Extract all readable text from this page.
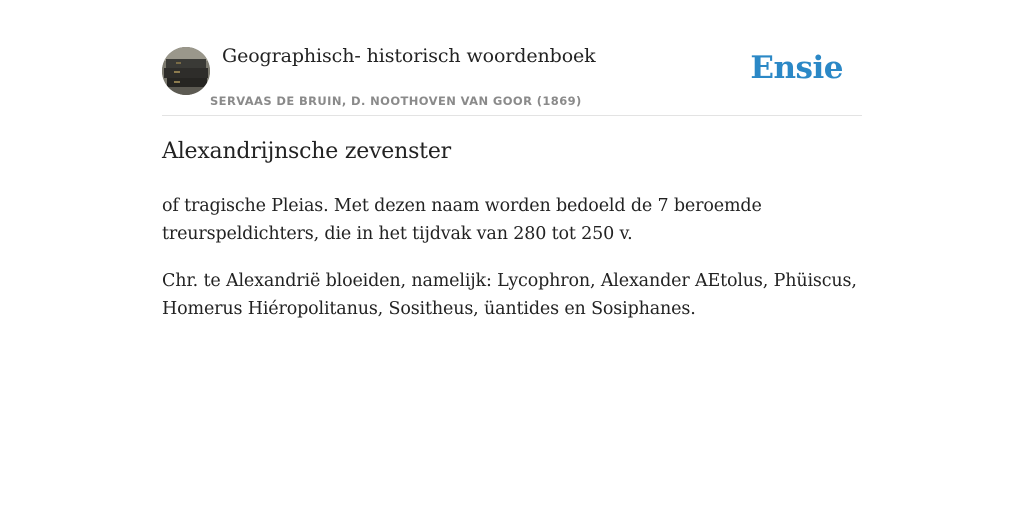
Geographisch- historisch woordenboek
SERVAAS DE BRUIN, D. NOOTHOVEN VAN GOOR (1869)
Ensie
Alexandrijnsche zevenster

of tragische Pleias. Met dezen naam worden bedoeld de 7 beroemde treurspeldichters, die in het tijdvak van 280 tot 250 v.

Chr. te Alexandrië bloeiden, namelijk: Lycophron, Alexander AEtolus, Phüiscus, Homerus Hiéropolitanus, Sositheus, üantides en Sosiphanes.
